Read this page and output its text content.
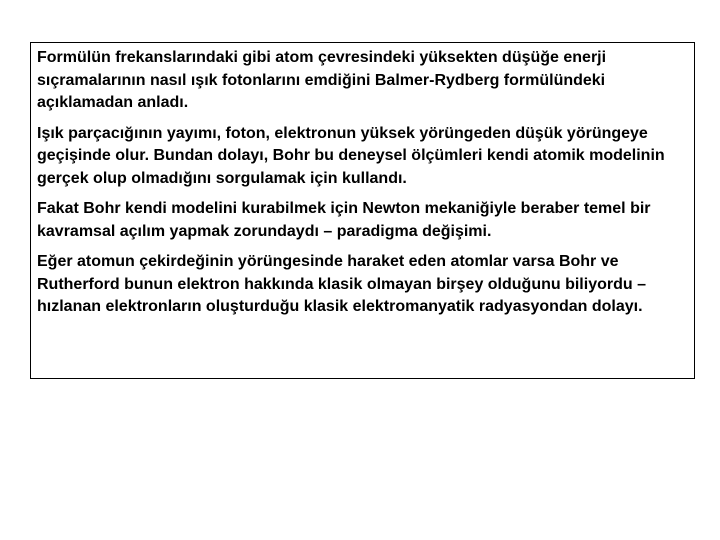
Formülün frekanslarındaki gibi atom çevresindeki yüksekten düşüğe enerji sıçramalarının nasıl ışık fotonlarını emdiğini Balmer-Rydberg formülündeki açıklamadan anladı.

Işık parçacığının yayımı, foton, elektronun yüksek yörüngeden düşük yörüngeye geçişinde olur. Bundan dolayı, Bohr bu deneysel ölçümleri kendi atomik modelinin gerçek olup olmadığını sorgulamak için kullandı.

Fakat Bohr kendi modelini kurabilmek için Newton mekaniğiyle beraber temel bir kavramsal açılım yapmak zorundaydı – paradigma değişimi.

Eğer atomun çekirdeğinin yörüngesinde haraket eden atomlar varsa Bohr ve Rutherford bunun elektron hakkında klasik olmayan birşey olduğunu biliyordu – hızlanan elektronların oluşturduğu klasik elektromanyatik radyasyondan dolayı.
